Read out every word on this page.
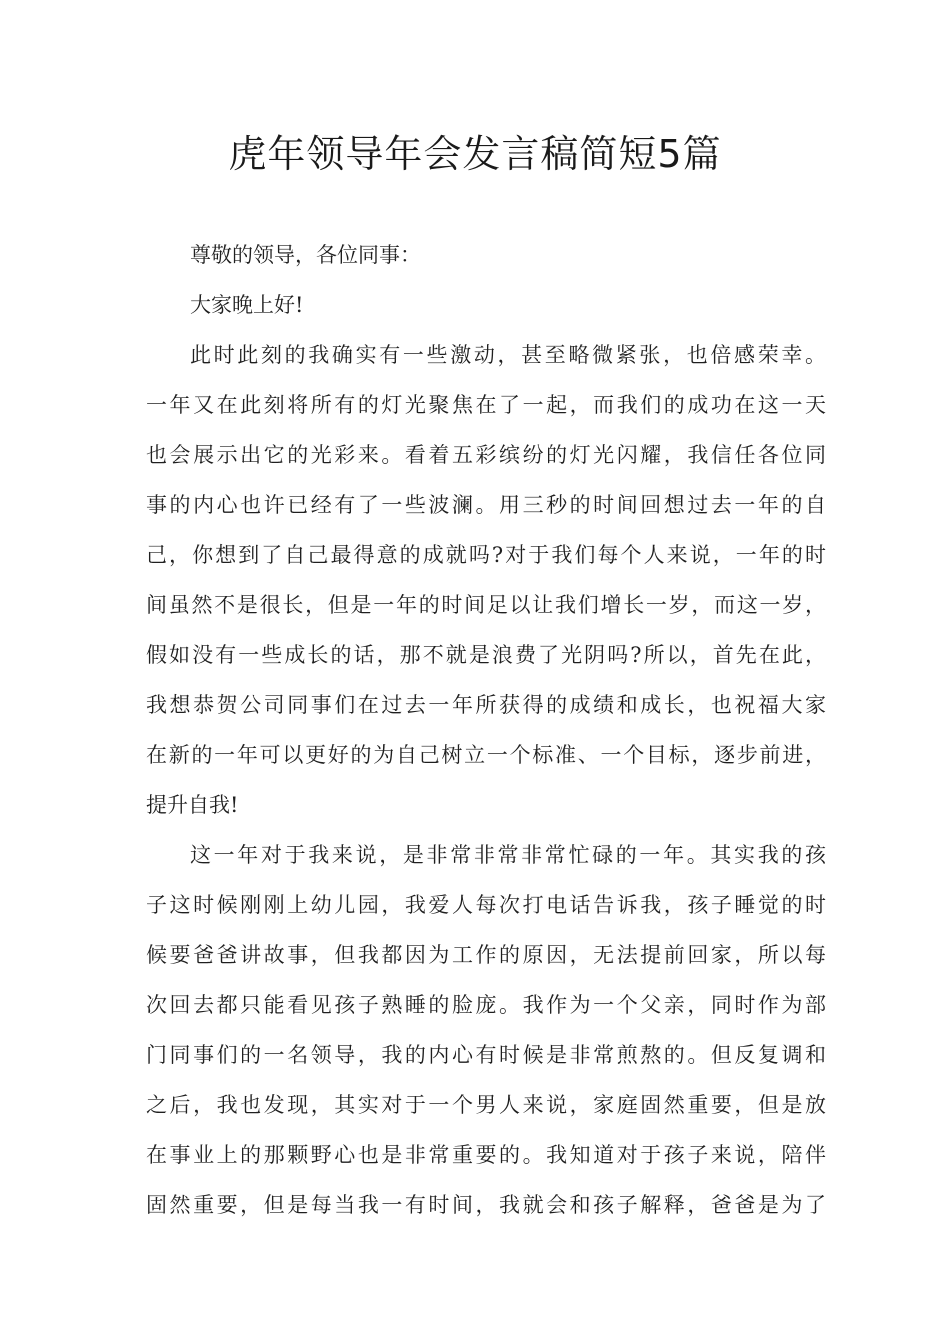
虎年领导年会发言稿简短5篇
尊敬的领导，各位同事：
大家晚上好!
此时此刻的我确实有一些激动，甚至略微紧张，也倍感荣幸。
一年又在此刻将所有的灯光聚焦在了一起，而我们的成功在这一天
也会展示出它的光彩来。看着五彩缤纷的灯光闪耀，我信任各位同
事的内心也许已经有了一些波澜。用三秒的时间回想过去一年的自
己，你想到了自己最得意的成就吗?对于我们每个人来说，一年的时
间虽然不是很长，但是一年的时间足以让我们增长一岁，而这一岁，
假如没有一些成长的话，那不就是浪费了光阴吗?所以，首先在此，
我想恭贺公司同事们在过去一年所获得的成绩和成长，也祝福大家
在新的一年可以更好的为自己树立一个标准、一个目标，逐步前进，
提升自我!
这一年对于我来说，是非常非常非常忙碌的一年。其实我的孩
子这时候刚刚上幼儿园，我爱人每次打电话告诉我，孩子睡觉的时
候要爸爸讲故事，但我都因为工作的原因，无法提前回家，所以每
次回去都只能看见孩子熟睡的脸庞。我作为一个父亲，同时作为部
门同事们的一名领导，我的内心有时候是非常煎熬的。但反复调和
之后，我也发现，其实对于一个男人来说，家庭固然重要，但是放
在事业上的那颗野心也是非常重要的。我知道对于孩子来说，陪伴
固然重要，但是每当我一有时间，我就会和孩子解释，爸爸是为了
